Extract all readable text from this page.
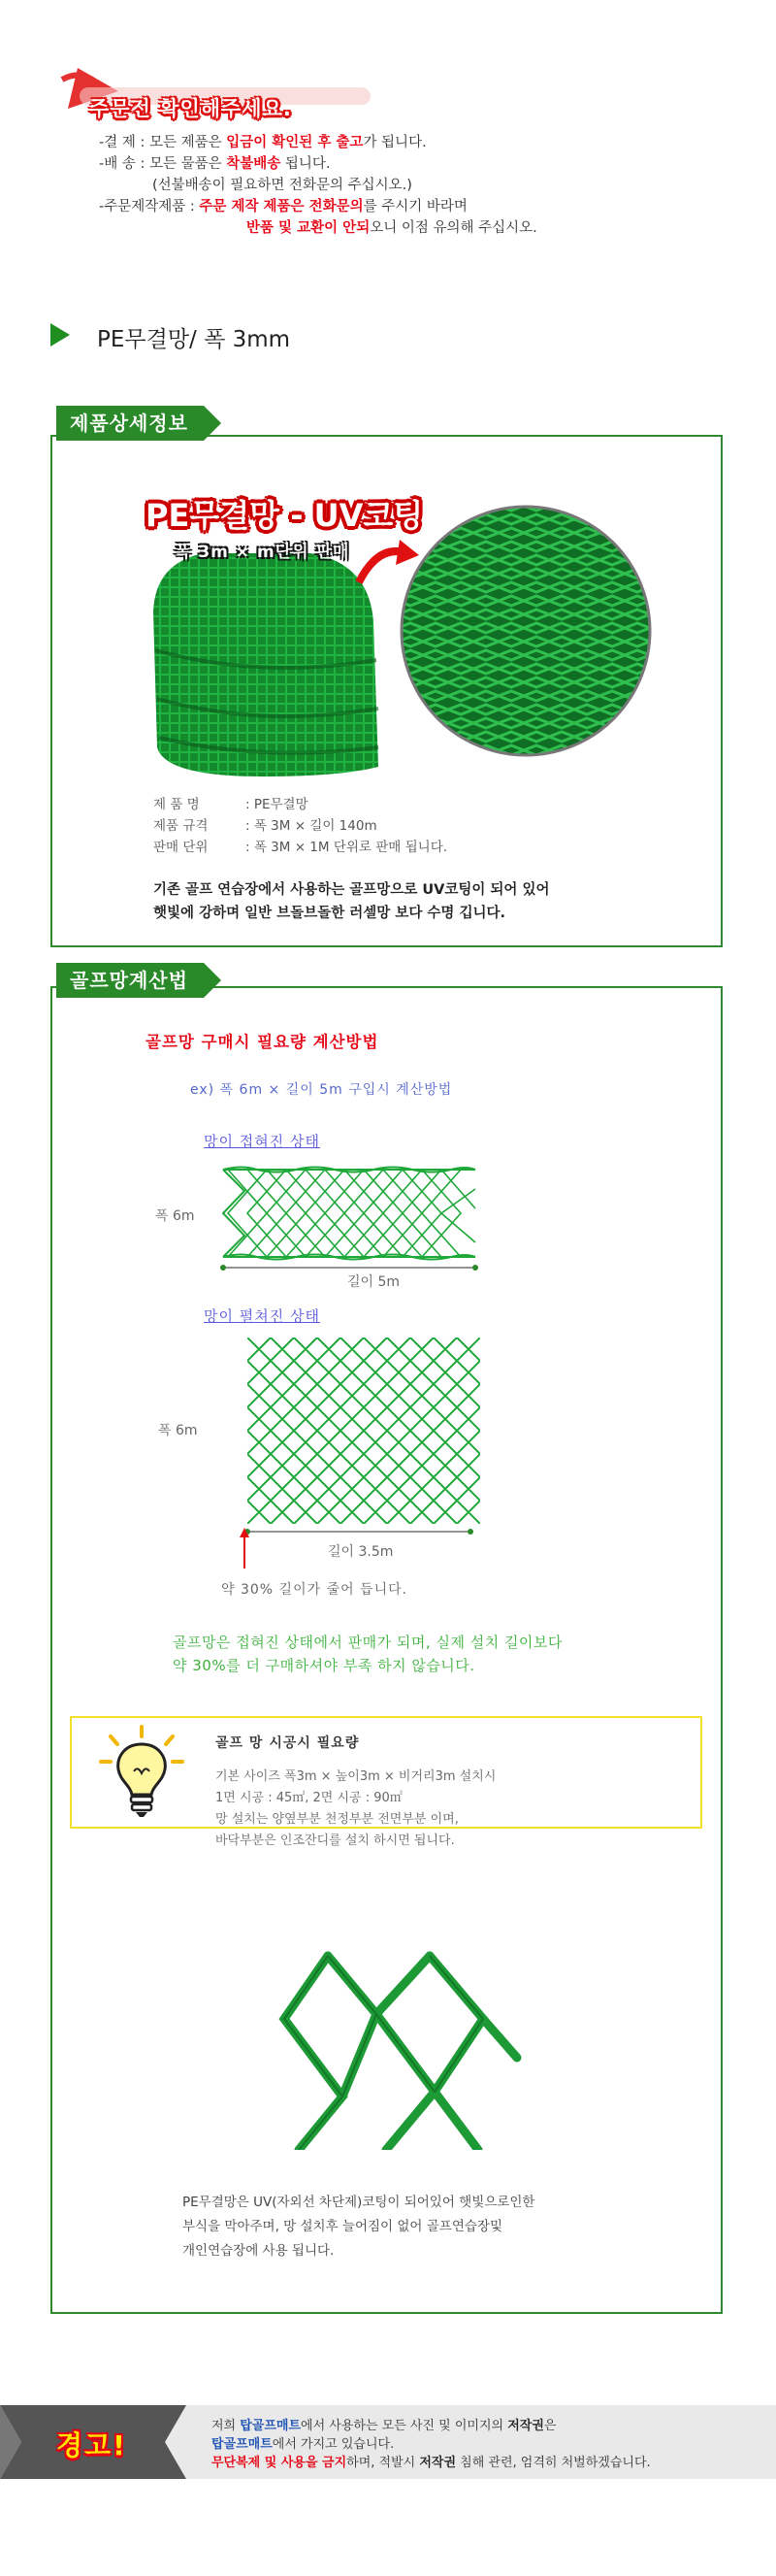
주문전 확인해주세요.
-결 제 : 모든 제품은 입금이 확인된 후 출고가 됩니다.
-배 송 : 모든 물품은 착불배송 됩니다.
(선불배송이 필요하면 전화문의 주십시오.)
-주문제작제품 : 주문 제작 제품은 전화문의를 주시기 바라며
반품 및 교환이 안되오니 이점 유의해 주십시오.
PE무결망/ 폭 3mm
제품상세정보
PE무결망 - UV코팅
폭 3m × m단위 판매
제 품 명	: PE무결망
제품 규격	: 폭 3M × 길이 140m
판매 단위	: 폭 3M × 1M 단위로 판매 됩니다.
기존 골프 연습장에서 사용하는 골프망으로 UV코팅이 되어 있어
햇빛에 강하며 일반 브돌브돌한 러셀망 보다 수명 깁니다.
골프망계산법
골프망 구매시 필요량 계산방법
ex) 폭 6m × 길이 5m 구입시 계산방법
망이 접혀진 상태
폭 6m
길이 5m
망이 펼쳐진 상태
폭 6m
길이 3.5m
약 30% 길이가 줄어 듭니다.
골프망은 접혀진 상태에서 판매가 되며, 실제 설치 길이보다
약 30%를 더 구매하셔야 부족 하지 않습니다.
골프 망 시공시 필요량
기본 사이즈 폭3m × 높이3m × 비거리3m 설치시
1면 시공 : 45㎡, 2면 시공 : 90㎡
망 설치는 양옆부분 천정부분 전면부분 이며,
바닥부분은 인조잔디를 설치 하시면 됩니다.
PE무결망은 UV(자외선 차단제)코팅이 되어있어 햇빛으로인한
부식을 막아주며, 망 설치후 늘어짐이 없어 골프연습장및
개인연습장에 사용 됩니다.
경고!
저희 탑골프매트에서 사용하는 모든 사진 및 이미지의 저작권은
탑골프매트에서 가지고 있습니다.
무단복제 및 사용을 금지하며, 적발시 저작권 침해 관련, 엄격히 처벌하겠습니다.
